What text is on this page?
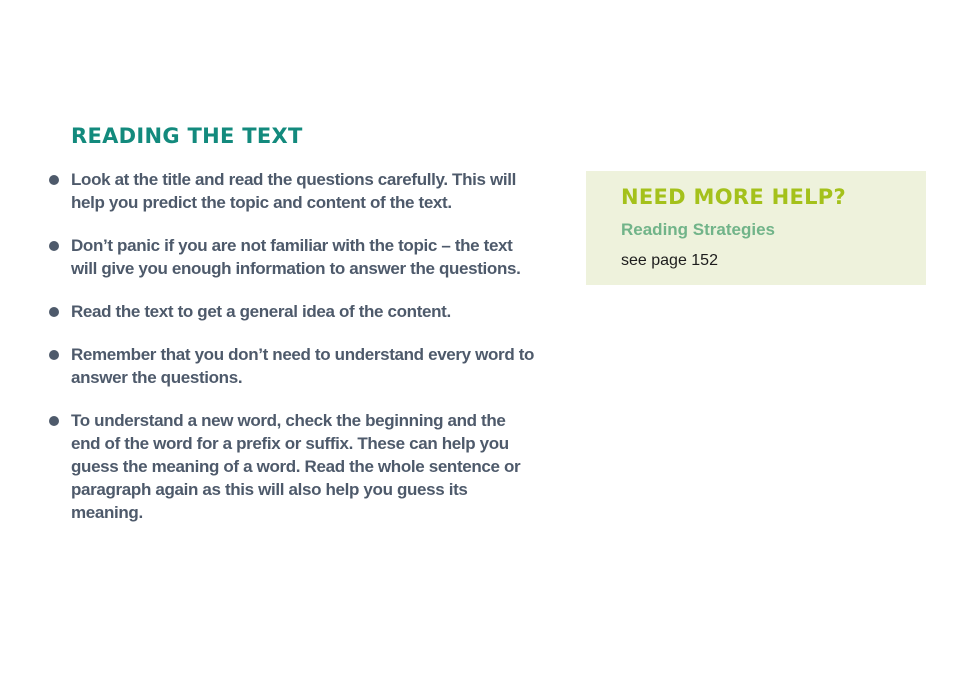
READING THE TEXT
Look at the title and read the questions carefully. This will help you predict the topic and content of the text.
Don’t panic if you are not familiar with the topic – the text will give you enough information to answer the questions.
Read the text to get a general idea of the content.
Remember that you don’t need to understand every word to answer the questions.
To understand a new word, check the beginning and the end of the word for a prefix or suffix. These can help you guess the meaning of a word. Read the whole sentence or paragraph again as this will also help you guess its meaning.
NEED MORE HELP?
Reading Strategies
see page 152
